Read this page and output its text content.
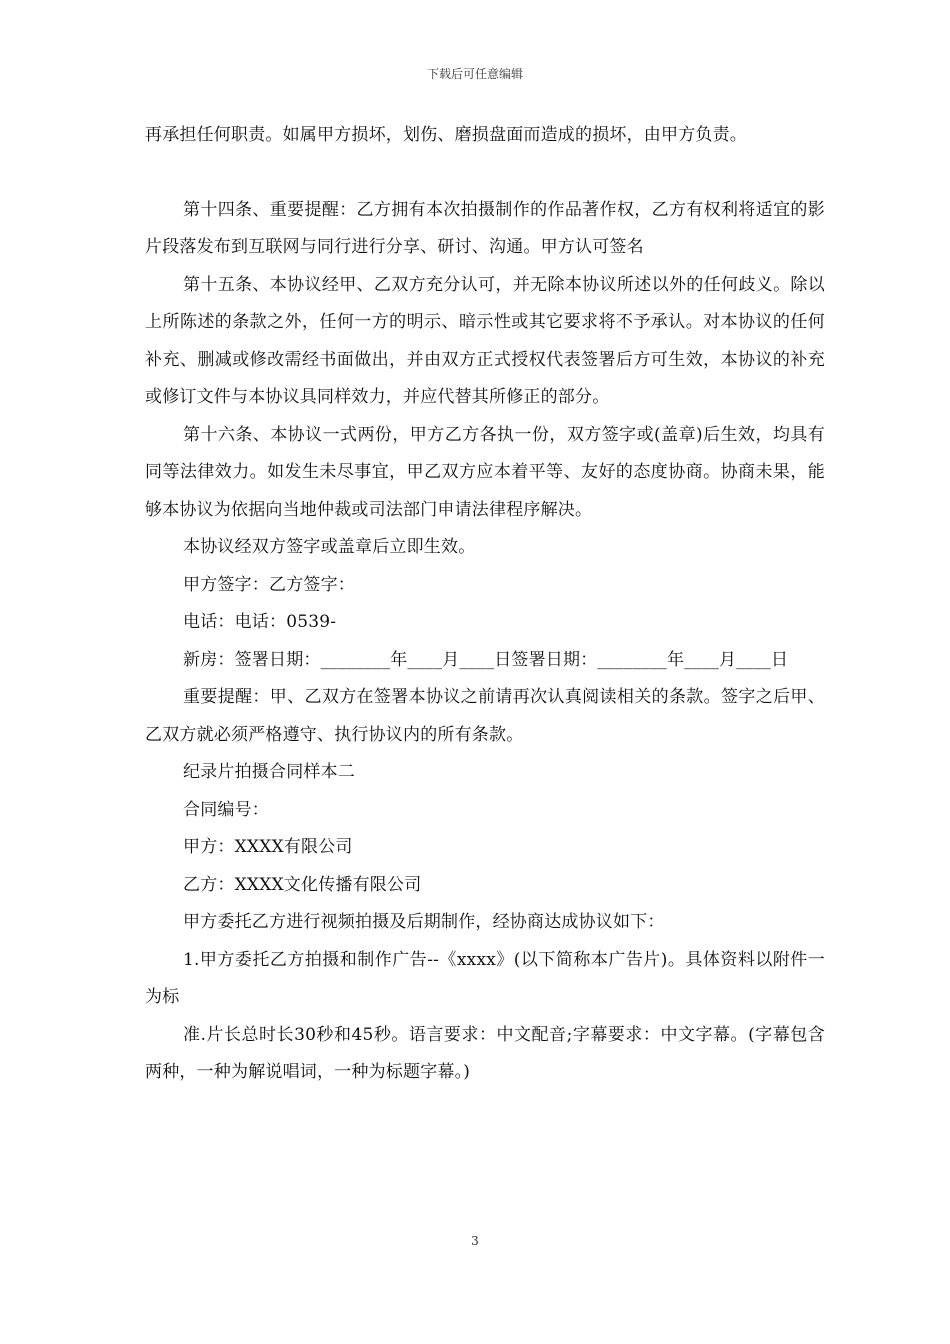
下载后可任意编辑

再承担任何职责。如属甲方损坏，划伤、磨损盘面而造成的损坏，由甲方负责。

第十四条、重要提醒：乙方拥有本次拍摄制作的作品著作权，乙方有权利将适宜的影片段落发布到互联网与同行进行分享、研讨、沟通。甲方认可签名

第十五条、本协议经甲、乙双方充分认可，并无除本协议所述以外的任何歧义。除以上所陈述的条款之外，任何一方的明示、暗示性或其它要求将不予承认。对本协议的任何补充、删减或修改需经书面做出，并由双方正式授权代表签署后方可生效，本协议的补充或修订文件与本协议具同样效力，并应代替其所修正的部分。

第十六条、本协议一式两份，甲方乙方各执一份，双方签字或(盖章)后生效，均具有同等法律效力。如发生未尽事宜，甲乙双方应本着平等、友好的态度协商。协商未果，能够本协议为依据向当地仲裁或司法部门申请法律程序解决。

本协议经双方签字或盖章后立即生效。

甲方签字：乙方签字：

电话：电话：0539-

新房：签署日期：________年____月____日签署日期：________年____月____日

重要提醒：甲、乙双方在签署本协议之前请再次认真阅读相关的条款。签字之后甲、乙双方就必须严格遵守、执行协议内的所有条款。

纪录片拍摄合同样本二

合同编号：

甲方：XXXX有限公司

乙方：XXXX文化传播有限公司

甲方委托乙方进行视频拍摄及后期制作，经协商达成协议如下：

1.甲方委托乙方拍摄和制作广告--《xxxx》(以下简称本广告片)。具体资料以附件一为标

准.片长总时长30秒和45秒。语言要求：中文配音;字幕要求：中文字幕。(字幕包含两种，一种为解说唱词，一种为标题字幕。)

3
